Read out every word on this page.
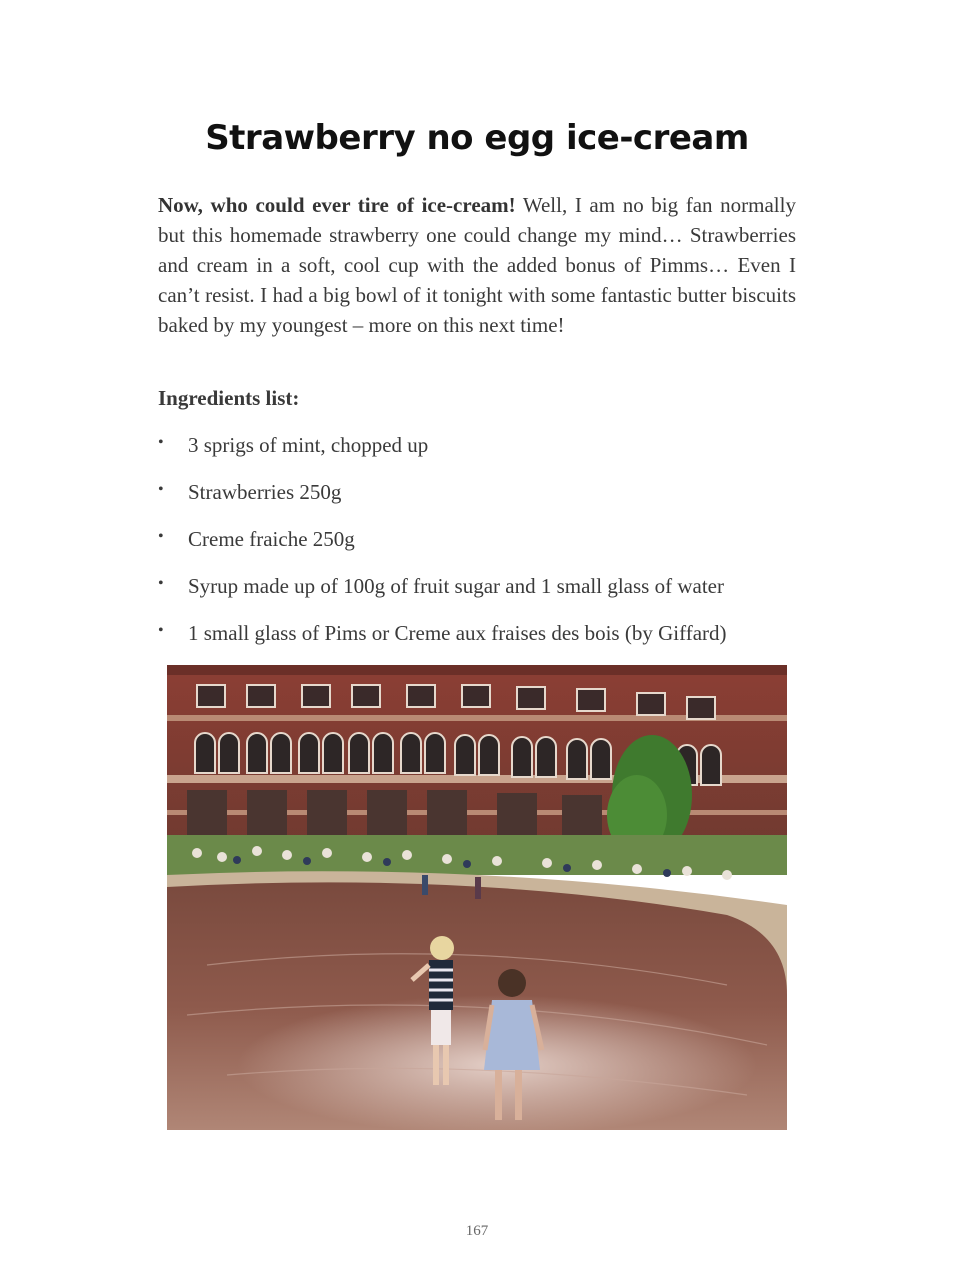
Strawberry no egg ice-cream

Now, who could ever tire of ice-cream! Well, I am no big fan normally but this homemade strawberry one could change my mind… Strawberries and cream in a soft, cool cup with the added bonus of Pimms… Even I can’t resist. I had a big bowl of it tonight with some fantastic butter biscuits baked by my youngest – more on this next time!

Ingredients list:

• 3 sprigs of mint, chopped up
• Strawberries 250g
• Creme fraiche 250g
• Syrup made up of 100g of fruit sugar and 1 small glass of water
• 1 small glass of Pims or Creme aux fraises des bois (by Giffard)
167
